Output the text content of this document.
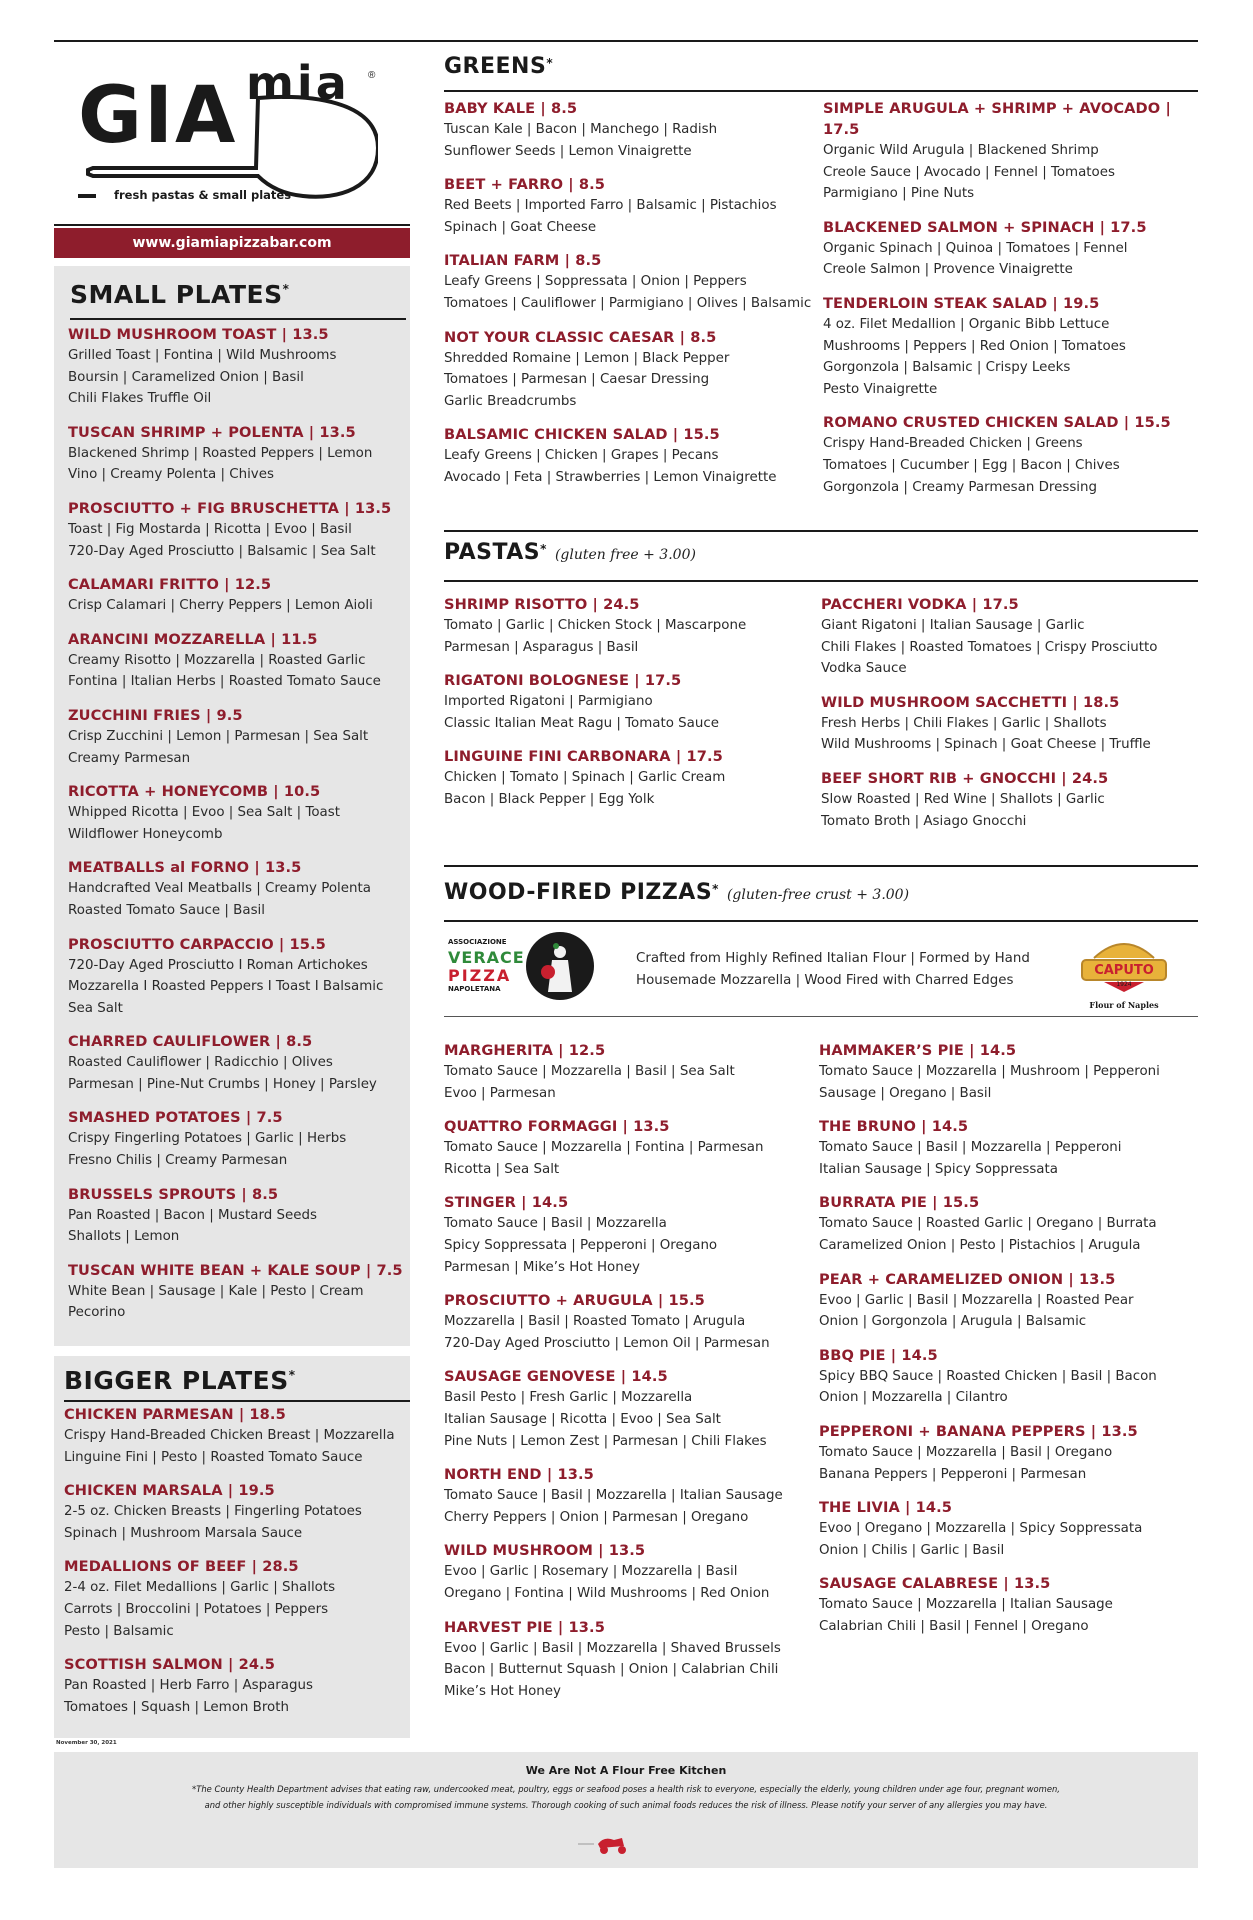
GIA mia ®
fresh pastas & small plates
www.giamiapizzabar.com
SMALL PLATES*
WILD MUSHROOM TOAST | 13.5
Grilled Toast | Fontina | Wild Mushrooms
Boursin | Caramelized Onion | Basil
Chili Flakes Truffle Oil
TUSCAN SHRIMP + POLENTA | 13.5
Blackened Shrimp | Roasted Peppers | Lemon
Vino | Creamy Polenta | Chives
PROSCIUTTO + FIG BRUSCHETTA | 13.5
Toast | Fig Mostarda | Ricotta | Evoo | Basil
720-Day Aged Prosciutto | Balsamic | Sea Salt
CALAMARI FRITTO | 12.5
Crisp Calamari | Cherry Peppers | Lemon Aioli
ARANCINI MOZZARELLA | 11.5
Creamy Risotto | Mozzarella | Roasted Garlic
Fontina | Italian Herbs | Roasted Tomato Sauce
ZUCCHINI FRIES | 9.5
Crisp Zucchini | Lemon | Parmesan | Sea Salt
Creamy Parmesan
RICOTTA + HONEYCOMB | 10.5
Whipped Ricotta | Evoo | Sea Salt | Toast
Wildflower Honeycomb
MEATBALLS al FORNO | 13.5
Handcrafted Veal Meatballs | Creamy Polenta
Roasted Tomato Sauce | Basil
PROSCIUTTO CARPACCIO | 15.5
720-Day Aged Prosciutto I Roman Artichokes
Mozzarella I Roasted Peppers I Toast I Balsamic
Sea Salt
CHARRED CAULIFLOWER | 8.5
Roasted Cauliflower | Radicchio | Olives
Parmesan | Pine-Nut Crumbs | Honey | Parsley
SMASHED POTATOES | 7.5
Crispy Fingerling Potatoes | Garlic | Herbs
Fresno Chilis | Creamy Parmesan
BRUSSELS SPROUTS | 8.5
Pan Roasted | Bacon | Mustard Seeds
Shallots | Lemon
TUSCAN WHITE BEAN + KALE SOUP | 7.5
White Bean | Sausage | Kale | Pesto | Cream
Pecorino
BIGGER PLATES*
CHICKEN PARMESAN | 18.5
Crispy Hand-Breaded Chicken Breast | Mozzarella
Linguine Fini | Pesto | Roasted Tomato Sauce
CHICKEN MARSALA | 19.5
2-5 oz. Chicken Breasts | Fingerling Potatoes
Spinach | Mushroom Marsala Sauce
MEDALLIONS OF BEEF | 28.5
2-4 oz. Filet Medallions | Garlic | Shallots
Carrots | Broccolini | Potatoes | Peppers
Pesto | Balsamic
SCOTTISH SALMON | 24.5
Pan Roasted | Herb Farro | Asparagus
Tomatoes | Squash | Lemon Broth
November 30, 2021
GREENS*
BABY KALE | 8.5
Tuscan Kale | Bacon | Manchego | Radish
Sunflower Seeds | Lemon Vinaigrette
BEET + FARRO | 8.5
Red Beets | Imported Farro | Balsamic | Pistachios
Spinach | Goat Cheese
ITALIAN FARM | 8.5
Leafy Greens | Soppressata | Onion | Peppers
Tomatoes | Cauliflower | Parmigiano | Olives | Balsamic
NOT YOUR CLASSIC CAESAR | 8.5
Shredded Romaine | Lemon | Black Pepper
Tomatoes | Parmesan | Caesar Dressing
Garlic Breadcrumbs
BALSAMIC CHICKEN SALAD | 15.5
Leafy Greens | Chicken | Grapes | Pecans
Avocado | Feta | Strawberries | Lemon Vinaigrette
SIMPLE ARUGULA + SHRIMP + AVOCADO | 17.5
Organic Wild Arugula | Blackened Shrimp
Creole Sauce | Avocado | Fennel | Tomatoes
Parmigiano | Pine Nuts
BLACKENED SALMON + SPINACH | 17.5
Organic Spinach | Quinoa | Tomatoes | Fennel
Creole Salmon | Provence Vinaigrette
TENDERLOIN STEAK SALAD | 19.5
4 oz. Filet Medallion | Organic Bibb Lettuce
Mushrooms | Peppers | Red Onion | Tomatoes
Gorgonzola | Balsamic | Crispy Leeks
Pesto Vinaigrette
ROMANO CRUSTED CHICKEN SALAD | 15.5
Crispy Hand-Breaded Chicken | Greens
Tomatoes | Cucumber | Egg | Bacon | Chives
Gorgonzola | Creamy Parmesan Dressing
PASTAS* (gluten free + 3.00)
SHRIMP RISOTTO | 24.5
Tomato | Garlic | Chicken Stock | Mascarpone
Parmesan | Asparagus | Basil
RIGATONI BOLOGNESE | 17.5
Imported Rigatoni | Parmigiano
Classic Italian Meat Ragu | Tomato Sauce
LINGUINE FINI CARBONARA | 17.5
Chicken | Tomato | Spinach | Garlic Cream
Bacon | Black Pepper | Egg Yolk
PACCHERI VODKA | 17.5
Giant Rigatoni | Italian Sausage | Garlic
Chili Flakes | Roasted Tomatoes | Crispy Prosciutto
Vodka Sauce
WILD MUSHROOM SACCHETTI | 18.5
Fresh Herbs | Chili Flakes | Garlic | Shallots
Wild Mushrooms | Spinach | Goat Cheese | Truffle
BEEF SHORT RIB + GNOCCHI | 24.5
Slow Roasted | Red Wine | Shallots | Garlic
Tomato Broth | Asiago Gnocchi
WOOD-FIRED PIZZAS* (gluten-free crust + 3.00)
ASSOCIAZIONE
VERACE
PIZZA
NAPOLETANA
Crafted from Highly Refined Italian Flour | Formed by Hand
Housemade Mozzarella | Wood Fired with Charred Edges
CAPUTO
1924
Flour of Naples
MARGHERITA | 12.5
Tomato Sauce | Mozzarella | Basil | Sea Salt
Evoo | Parmesan
QUATTRO FORMAGGI | 13.5
Tomato Sauce | Mozzarella | Fontina | Parmesan
Ricotta | Sea Salt
STINGER | 14.5
Tomato Sauce | Basil | Mozzarella
Spicy Soppressata | Pepperoni | Oregano
Parmesan | Mike’s Hot Honey
PROSCIUTTO + ARUGULA | 15.5
Mozzarella | Basil | Roasted Tomato | Arugula
720-Day Aged Prosciutto | Lemon Oil | Parmesan
SAUSAGE GENOVESE | 14.5
Basil Pesto | Fresh Garlic | Mozzarella
Italian Sausage | Ricotta | Evoo | Sea Salt
Pine Nuts | Lemon Zest | Parmesan | Chili Flakes
NORTH END | 13.5
Tomato Sauce | Basil | Mozzarella | Italian Sausage
Cherry Peppers | Onion | Parmesan | Oregano
WILD MUSHROOM | 13.5
Evoo | Garlic | Rosemary | Mozzarella | Basil
Oregano | Fontina | Wild Mushrooms | Red Onion
HARVEST PIE | 13.5
Evoo | Garlic | Basil | Mozzarella | Shaved Brussels
Bacon | Butternut Squash | Onion | Calabrian Chili
Mike’s Hot Honey
HAMMAKER’S PIE | 14.5
Tomato Sauce | Mozzarella | Mushroom | Pepperoni
Sausage | Oregano | Basil
THE BRUNO | 14.5
Tomato Sauce | Basil | Mozzarella | Pepperoni
Italian Sausage | Spicy Soppressata
BURRATA PIE | 15.5
Tomato Sauce | Roasted Garlic | Oregano | Burrata
Caramelized Onion | Pesto | Pistachios | Arugula
PEAR + CARAMELIZED ONION | 13.5
Evoo | Garlic | Basil | Mozzarella | Roasted Pear
Onion | Gorgonzola | Arugula | Balsamic
BBQ PIE | 14.5
Spicy BBQ Sauce | Roasted Chicken | Basil | Bacon
Onion | Mozzarella | Cilantro
PEPPERONI + BANANA PEPPERS | 13.5
Tomato Sauce | Mozzarella | Basil | Oregano
Banana Peppers | Pepperoni | Parmesan
THE LIVIA | 14.5
Evoo | Oregano | Mozzarella | Spicy Soppressata
Onion | Chilis | Garlic | Basil
SAUSAGE CALABRESE | 13.5
Tomato Sauce | Mozzarella | Italian Sausage
Calabrian Chili | Basil | Fennel | Oregano
We Are Not A Flour Free Kitchen
*The County Health Department advises that eating raw, undercooked meat, poultry, eggs or seafood poses a health risk to everyone, especially the elderly, young children under age four, pregnant women,
and other highly susceptible individuals with compromised immune systems. Thorough cooking of such animal foods reduces the risk of illness. Please notify your server of any allergies you may have.
